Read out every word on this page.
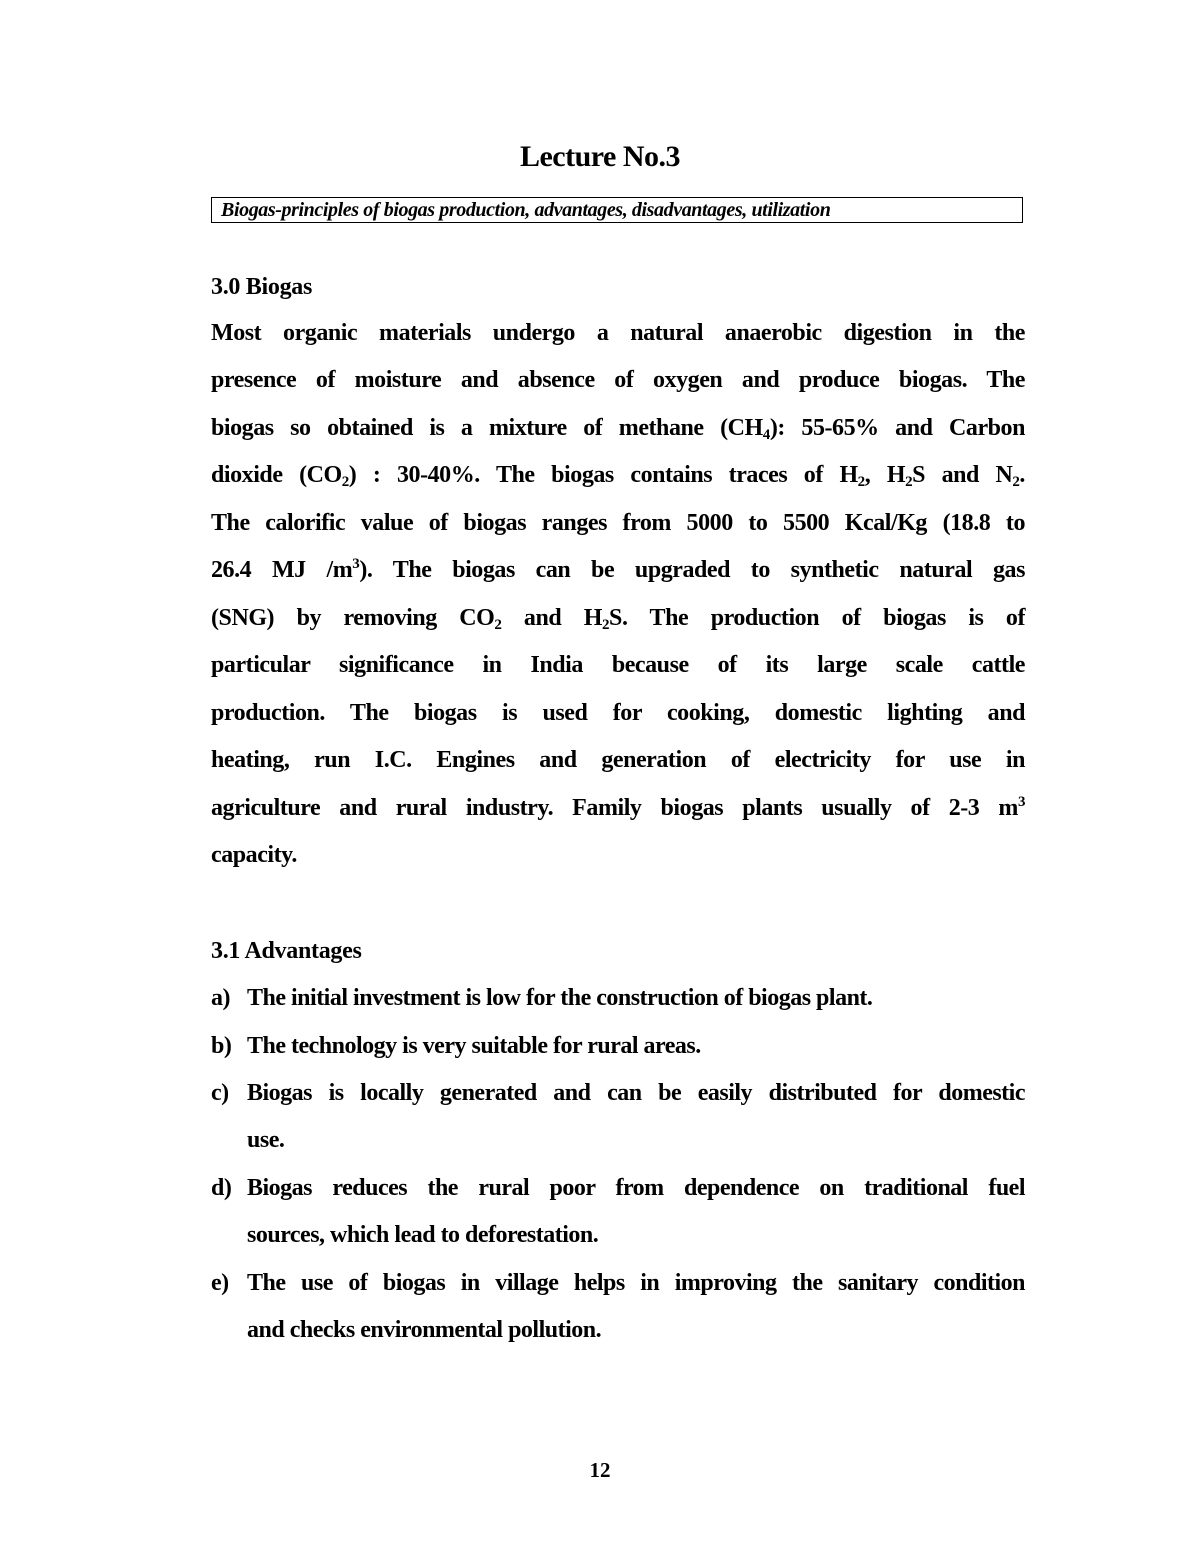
Lecture No.3
Biogas-principles of biogas production, advantages, disadvantages, utilization
3.0 Biogas
Most organic materials undergo a natural anaerobic digestion in the
presence of moisture and absence of oxygen and produce biogas. The
biogas so obtained is a mixture of methane $(CH_4)$: 55-65% and Carbon
dioxide $(CO_2)$ : 30-40%. The biogas contains traces of $H_2$, $H_2S$ and $N_2$.
The calorific value of biogas ranges from 5000 to 5500 Kcal/Kg (18.8 to
26.4 MJ $/m^3$). The biogas can be upgraded to synthetic natural gas
(SNG) by removing $CO_2$ and $H_2S$. The production of biogas is of
particular significance in India because of its large scale cattle
production. The biogas is used for cooking, domestic lighting and
heating, run I.C. Engines and generation of electricity for use in
agriculture and rural industry. Family biogas plants usually of 2-3 $m^3$
capacity.
3.1 Advantages
a) The initial investment is low for the construction of biogas plant.
b) The technology is very suitable for rural areas.
c) Biogas is locally generated and can be easily distributed for domestic
use.
d) Biogas reduces the rural poor from dependence on traditional fuel
sources, which lead to deforestation.
e) The use of biogas in village helps in improving the sanitary condition
and checks environmental pollution.
12
